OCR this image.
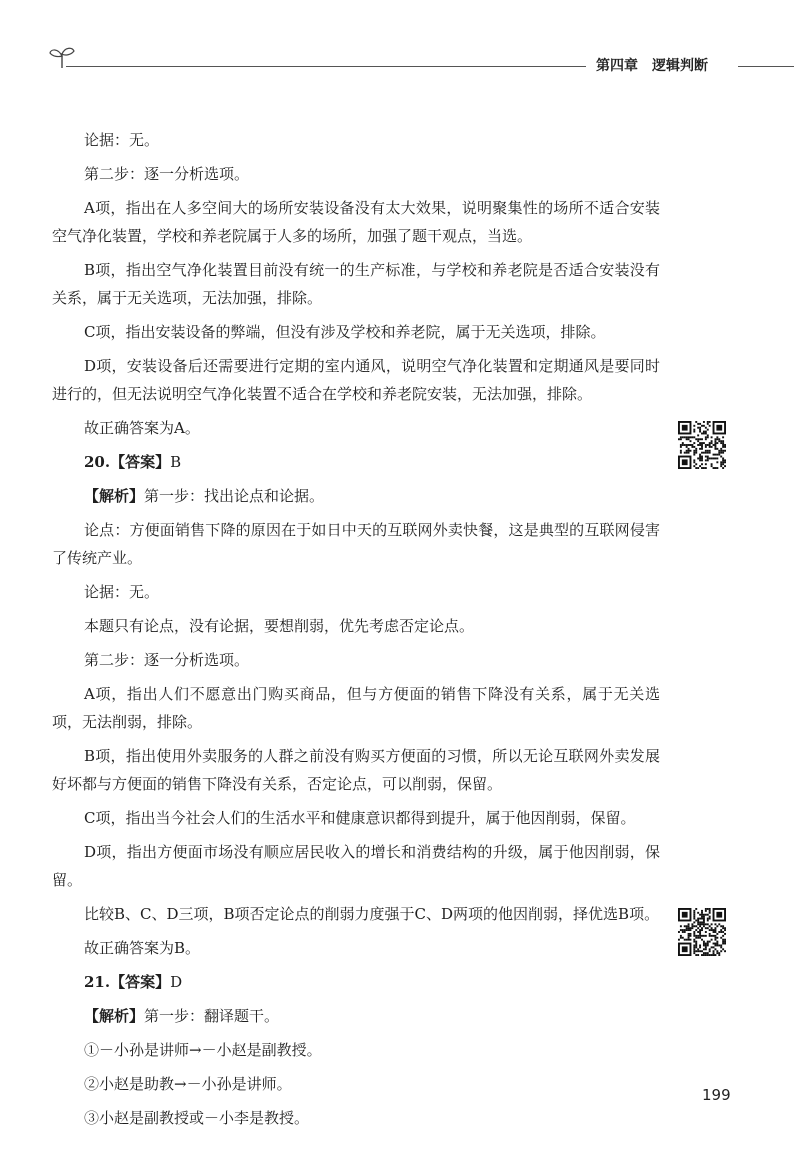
第四章 逻辑判断

论据：无。

第二步：逐一分析选项。

A项，指出在人多空间大的场所安装设备没有太大效果，说明聚集性的场所不适合安装空气净化装置，学校和养老院属于人多的场所，加强了题干观点，当选。

B项，指出空气净化装置目前没有统一的生产标准，与学校和养老院是否适合安装没有关系，属于无关选项，无法加强，排除。

C项，指出安装设备的弊端，但没有涉及学校和养老院，属于无关选项，排除。

D项，安装设备后还需要进行定期的室内通风，说明空气净化装置和定期通风是要同时进行的，但无法说明空气净化装置不适合在学校和养老院安装，无法加强，排除。

故正确答案为A。

20.【答案】B

【解析】第一步：找出论点和论据。

论点：方便面销售下降的原因在于如日中天的互联网外卖快餐，这是典型的互联网侵害了传统产业。

论据：无。

本题只有论点，没有论据，要想削弱，优先考虑否定论点。

第二步：逐一分析选项。

A项，指出人们不愿意出门购买商品，但与方便面的销售下降没有关系，属于无关选项，无法削弱，排除。

B项，指出使用外卖服务的人群之前没有购买方便面的习惯，所以无论互联网外卖发展好坏都与方便面的销售下降没有关系，否定论点，可以削弱，保留。

C项，指出当今社会人们的生活水平和健康意识都得到提升，属于他因削弱，保留。

D项，指出方便面市场没有顺应居民收入的增长和消费结构的升级，属于他因削弱，保留。

比较B、C、D三项，B项否定论点的削弱力度强于C、D两项的他因削弱，择优选B项。

故正确答案为B。

21.【答案】D

【解析】第一步：翻译题干。

①－小孙是讲师→－小赵是副教授。

②小赵是助教→－小孙是讲师。

③小赵是副教授或－小李是教授。

199
